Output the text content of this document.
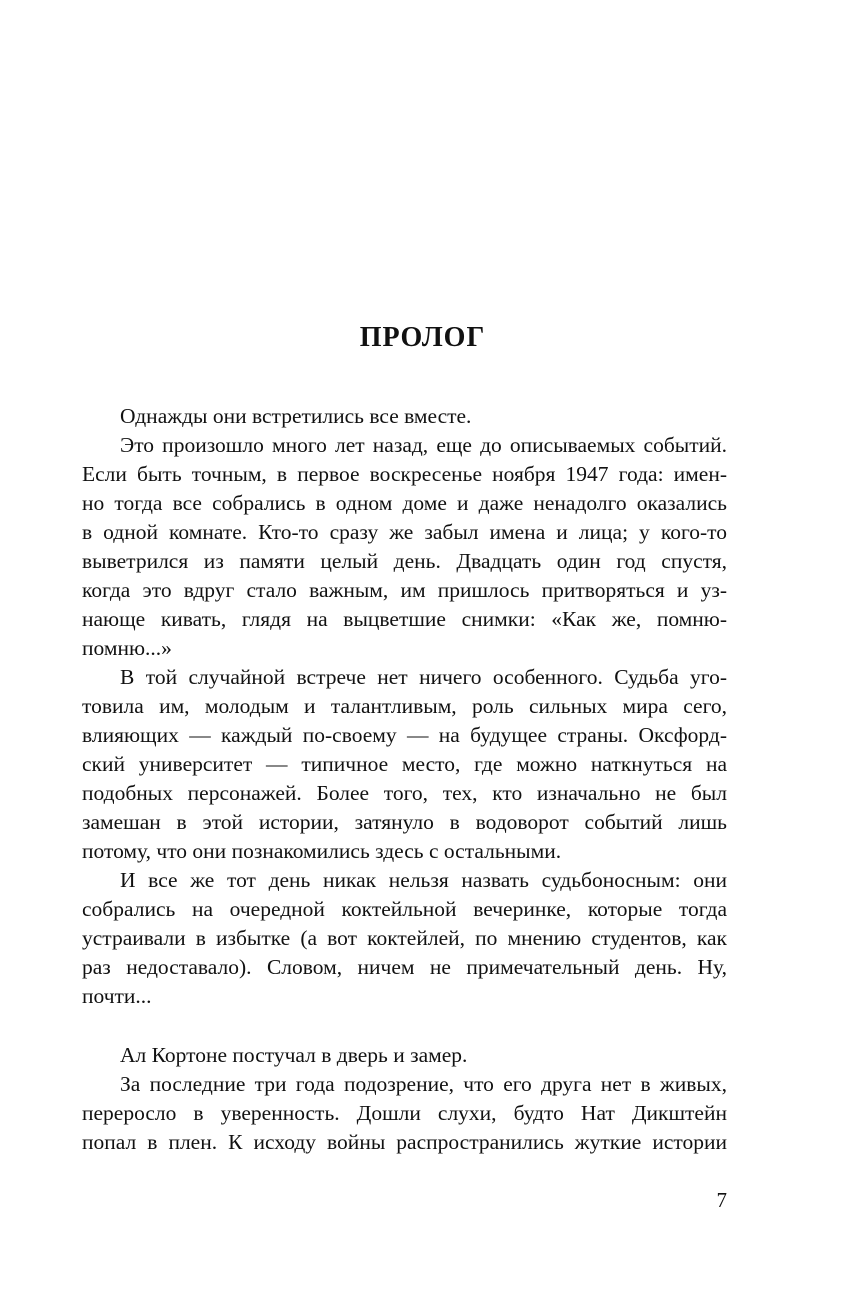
ПРОЛОГ
Однажды они встретились все вместе.
Это произошло много лет назад, еще до описываемых событий.
Если быть точным, в первое воскресенье ноября 1947 года: имен-
но тогда все собрались в одном доме и даже ненадолго оказались
в одной комнате. Кто-то сразу же забыл имена и лица; у кого-то
выветрился из памяти целый день. Двадцать один год спустя,
когда это вдруг стало важным, им пришлось притворяться и уз-
нающе кивать, глядя на выцветшие снимки: «Как же, помню-
помню...»
В той случайной встрече нет ничего особенного. Судьба уго-
товила им, молодым и талантливым, роль сильных мира сего,
влияющих — каждый по-своему — на будущее страны. Оксфорд-
ский университет — типичное место, где можно наткнуться на
подобных персонажей. Более того, тех, кто изначально не был
замешан в этой истории, затянуло в водоворот событий лишь
потому, что они познакомились здесь с остальными.
И все же тот день никак нельзя назвать судьбоносным: они
собрались на очередной коктейльной вечеринке, которые тогда
устраивали в избытке (а вот коктейлей, по мнению студентов, как
раз недоставало). Словом, ничем не примечательный день. Ну,
почти...
Ал Кортоне постучал в дверь и замер.
За последние три года подозрение, что его друга нет в живых,
переросло в уверенность. Дошли слухи, будто Нат Дикштейн
попал в плен. К исходу войны распространились жуткие истории
7
